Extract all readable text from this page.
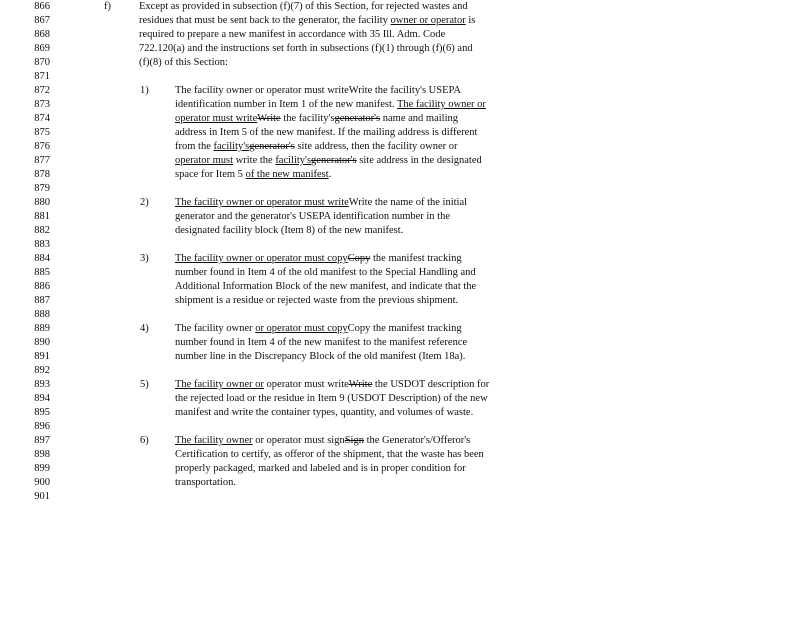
866
867
868
869
870
871
872
873
874
875
876
877
878
879
880
881
882
883
884
885
886
887
888
889
890
891
892
893
894
895
896
897
898
899
900
901
f)	Except as provided in subsection (f)(7) of this Section, for rejected wastes and
residues that must be sent back to the generator, the facility owner or operator is
required to prepare a new manifest in accordance with 35 Ill. Adm. Code
722.120(a) and the instructions set forth in subsections (f)(1) through (f)(6) and
(f)(8) of this Section:
1)	The facility owner or operator must writeWrite the facility's USEPA
identification number in Item 1 of the new manifest. The facility owner or
operator must writeWrite the facility'sgenerator's name and mailing
address in Item 5 of the new manifest. If the mailing address is different
from the facility'sgenerator's site address, then the facility owner or
operator must write the facility'sgenerator's site address in the designated
space for Item 5 of the new manifest.
2)	The facility owner or operator must writeWrite the name of the initial
generator and the generator's USEPA identification number in the
designated facility block (Item 8) of the new manifest.
3)	The facility owner or operator must copyCopy the manifest tracking
number found in Item 4 of the old manifest to the Special Handling and
Additional Information Block of the new manifest, and indicate that the
shipment is a residue or rejected waste from the previous shipment.
4)	The facility owner or operator must copyCopy the manifest tracking
number found in Item 4 of the new manifest to the manifest reference
number line in the Discrepancy Block of the old manifest (Item 18a).
5)	The facility owner or operator must writeWrite the USDOT description for
the rejected load or the residue in Item 9 (USDOT Description) of the new
manifest and write the container types, quantity, and volumes of waste.
6)	The facility owner or operator must signSign the Generator's/Offeror's
Certification to certify, as offeror of the shipment, that the waste has been
properly packaged, marked and labeled and is in proper condition for
transportation.
